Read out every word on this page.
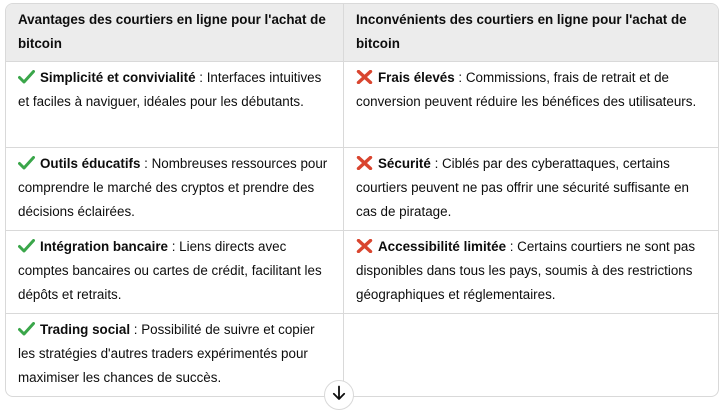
Avantages des courtiers en ligne pour l'achat de bitcoin	Inconvénients des courtiers en ligne pour l'achat de bitcoin

Simplicité et convivialité : Interfaces intuitives et faciles à naviguer, idéales pour les débutants.	Frais élevés : Commissions, frais de retrait et de conversion peuvent réduire les bénéfices des utilisateurs.

Outils éducatifs : Nombreuses ressources pour comprendre le marché des cryptos et prendre des décisions éclairées.	Sécurité : Ciblés par des cyberattaques, certains courtiers peuvent ne pas offrir une sécurité suffisante en cas de piratage.

Intégration bancaire : Liens directs avec comptes bancaires ou cartes de crédit, facilitant les dépôts et retraits.	Accessibilité limitée : Certains courtiers ne sont pas disponibles dans tous les pays, soumis à des restrictions géographiques et réglementaires.

Trading social : Possibilité de suivre et copier les stratégies d'autres traders expérimentés pour maximiser les chances de succès.	
